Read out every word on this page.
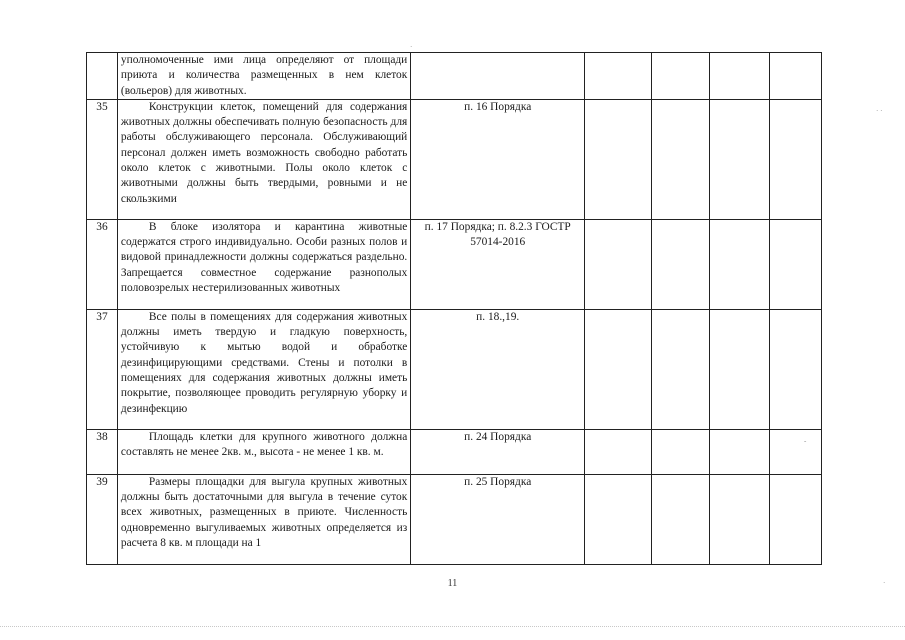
	уполномоченные ими лица определяют от площади приюта и количества размещенных в нем клеток (вольеров) для животных.					

35	Конструкции клеток, помещений для содержания животных должны обеспечивать полную безопасность для работы обслуживающего персонала. Обслуживающий персонал должен иметь возможность свободно работать около клеток с животными. Полы около клеток с животными должны быть твердыми, ровными и не скользкими	п. 16 Порядка				
36	В блоке изолятора и карантина животные содержатся строго индивидуально. Особи разных полов и видовой принадлежности должны содержаться раздельно. Запрещается совместное содержание разнополых половозрелых нестерилизованных животных	п. 17 Порядка; п. 8.2.3 ГОСТР 57014-2016				
37	Все полы в помещениях для содержания животных должны иметь твердую и гладкую поверхность, устойчивую к мытью водой и обработке дезинфицирующими средствами. Стены и потолки в помещениях для содержания животных должны иметь покрытие, позволяющее проводить регулярную уборку и дезинфекцию	п. 18.,19.				
38	Площадь клетки для крупного животного должна составлять не менее 2кв. м., высота - не менее 1 кв. м.	п. 24 Порядка				
39	Размеры площадки для выгула крупных животных должны быть достаточными для выгула в течение суток всех животных, размещенных в приюте. Численность одновременно выгуливаемых животных определяется из расчета 8 кв. м площади на 1	п. 25 Порядка				
11
·
· ·
-
·
